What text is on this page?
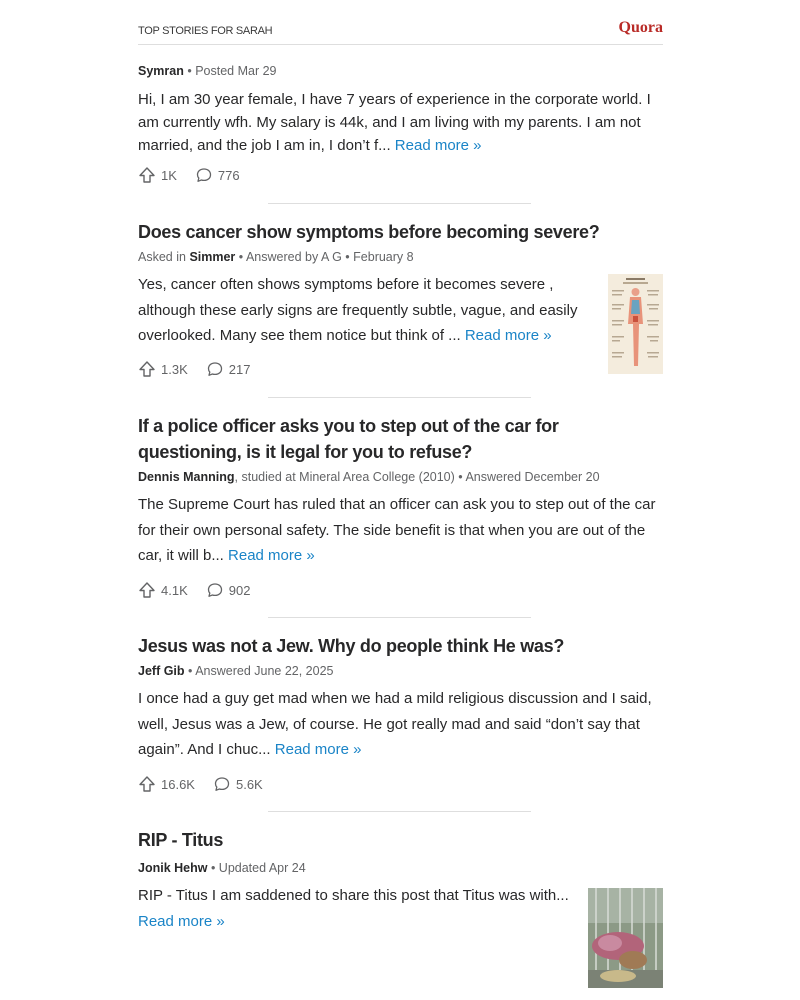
TOP STORIES FOR SARAH	Quora
Symran • Posted Mar 29
Hi, I am 30 year female, I have 7 years of experience in the corporate world. I am currently wfh. My salary is 44k, and I am living with my parents. I am not married, and the job I am in, I don’t f... Read more »
1K	776
Does cancer show symptoms before becoming severe?
Asked in Simmer • Answered by A G • February 8
Yes, cancer often shows symptoms before it becomes severe , although these early signs are frequently subtle, vague, and easily overlooked. Many see them notice but think of ... Read more »
1.3K	217
If a police officer asks you to step out of the car for questioning, is it legal for you to refuse?
Dennis Manning, studied at Mineral Area College (2010) • Answered December 20
The Supreme Court has ruled that an officer can ask you to step out of the car for their own personal safety. The side benefit is that when you are out of the car, it will b... Read more »
4.1K	902
Jesus was not a Jew. Why do people think He was?
Jeff Gib • Answered June 22, 2025
I once had a guy get mad when we had a mild religious discussion and I said, well, Jesus was a Jew, of course. He got really mad and said “don’t say that again”. And I chuc... Read more »
16.6K	5.6K
RIP - Titus
Jonik Hehw • Updated Apr 24
RIP - Titus I am saddened to share this post that Titus was with...
Read more »
